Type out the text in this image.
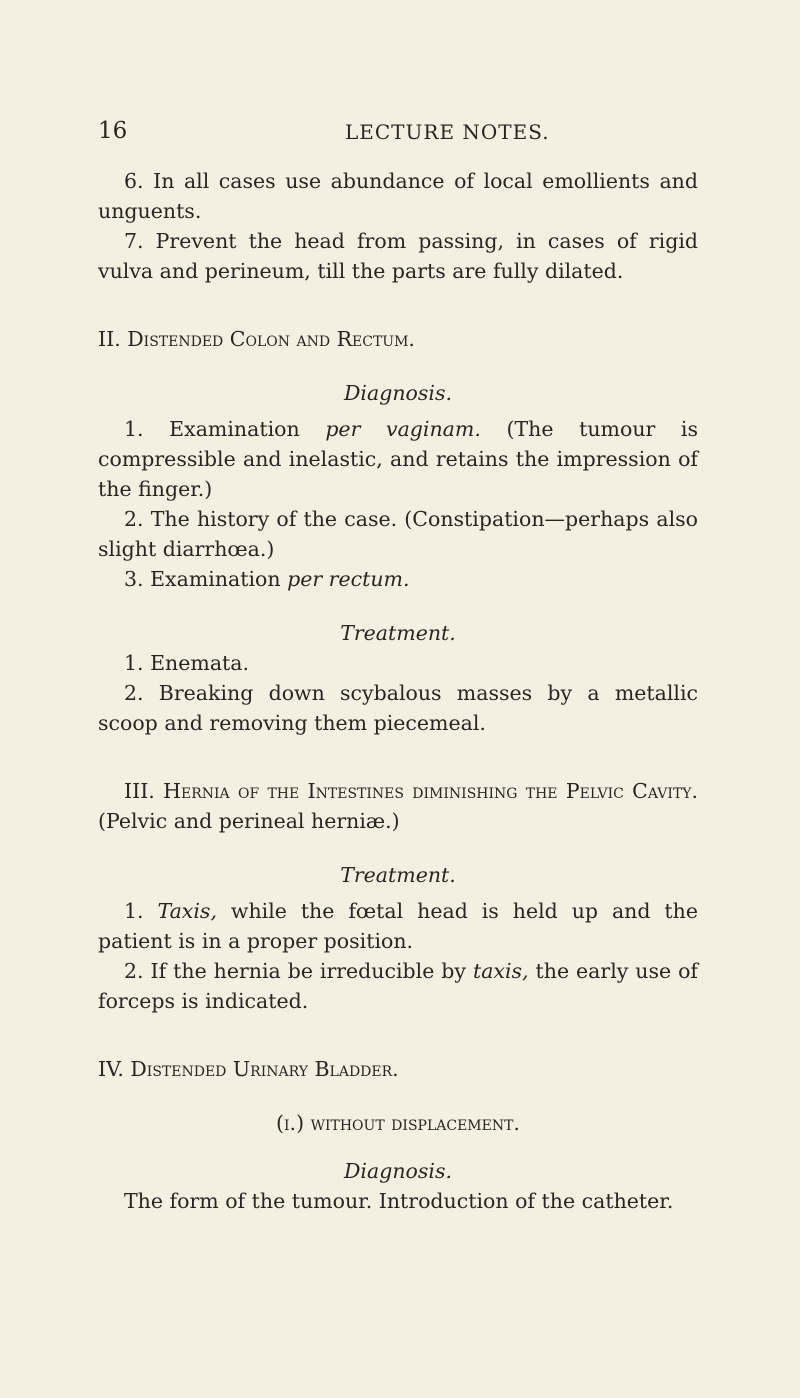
16	LECTURE NOTES.

6. In all cases use abundance of local emollients and unguents.

7. Prevent the head from passing, in cases of rigid vulva and perineum, till the parts are fully dilated.

II. Distended Colon and Rectum.

Diagnosis.

1. Examination per vaginam. (The tumour is compressible and inelastic, and retains the impression of the finger.)

2. The history of the case. (Constipation—perhaps also slight diarrhœa.)

3. Examination per rectum.

Treatment.

1. Enemata.

2. Breaking down scybalous masses by a metallic scoop and removing them piecemeal.

III. Hernia of the Intestines diminishing the Pelvic Cavity. (Pelvic and perineal herniæ.)

Treatment.

1. Taxis, while the fœtal head is held up and the patient is in a proper position.

2. If the hernia be irreducible by taxis, the early use of forceps is indicated.

IV. Distended Urinary Bladder.

(i.) without displacement.

Diagnosis.

The form of the tumour. Introduction of the catheter.
